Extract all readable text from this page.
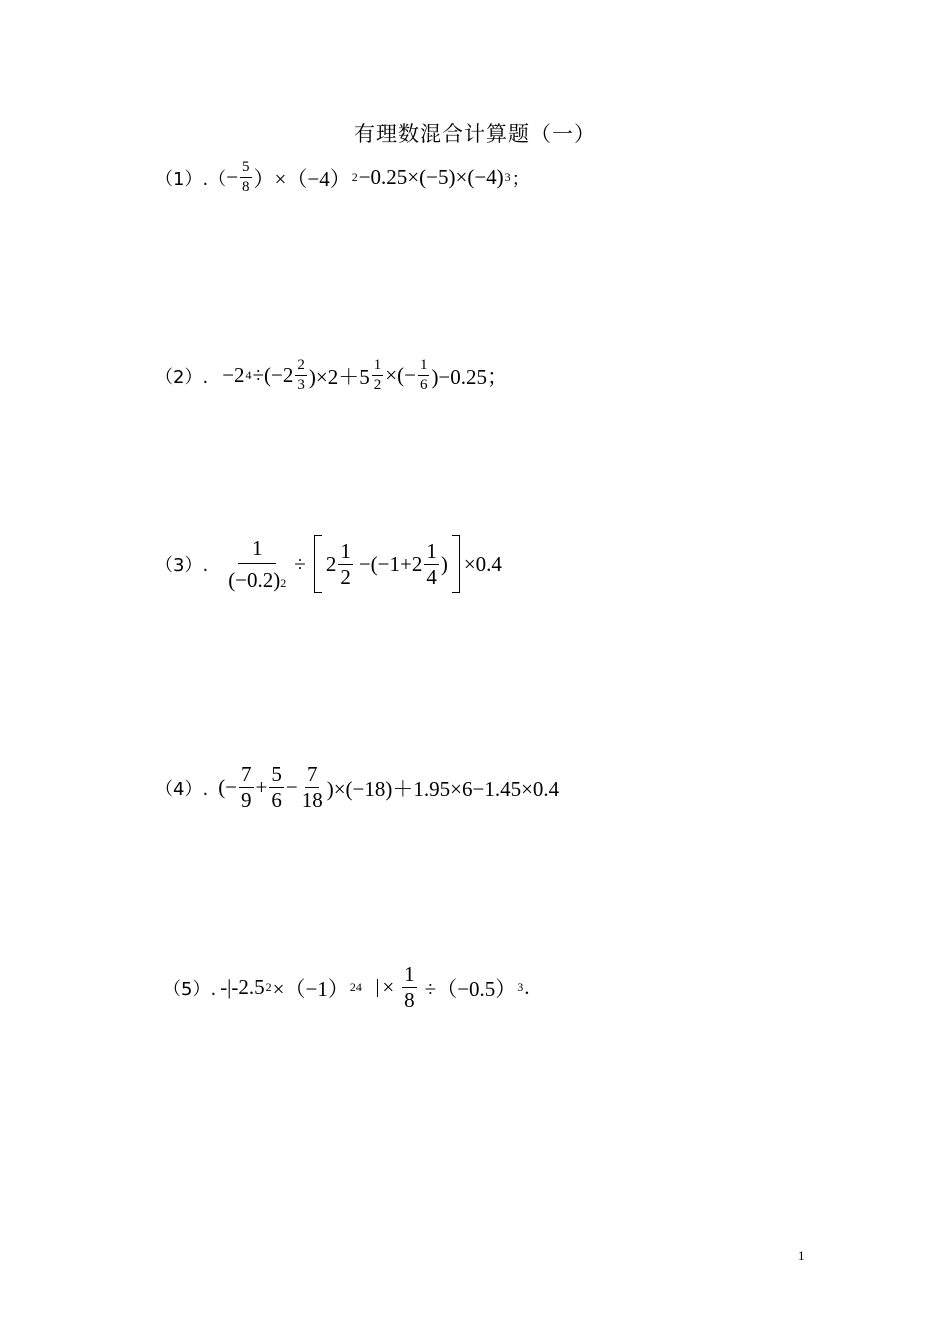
有理数混合计算题（一）
$(1).( - \frac{5}{8} )\times(-4)$ 2 −0.25×(−5)×(−4) 3 ；
（2）. −2 $4 \div(-2 \frac{2}{3} )\times 2+5 \frac{1}{2}$ ×(− $\frac{1}{6} )-0.25$；
（3）. $\frac{1}{(-0.2)2} \div 2 \frac{1}{2} -(-1+2 \frac{1}{4}$ ) ×0.4
（4）. (− $\frac{7}{9} + \frac{5}{6} - \frac{7}{18} )\times(-18)+1.95\times 6-1.45\times 0.4$
（5）. -|-2.5 2 ×（−1） $24 \times \frac{1}{8} \div(-0.5)$ 3 .
1
